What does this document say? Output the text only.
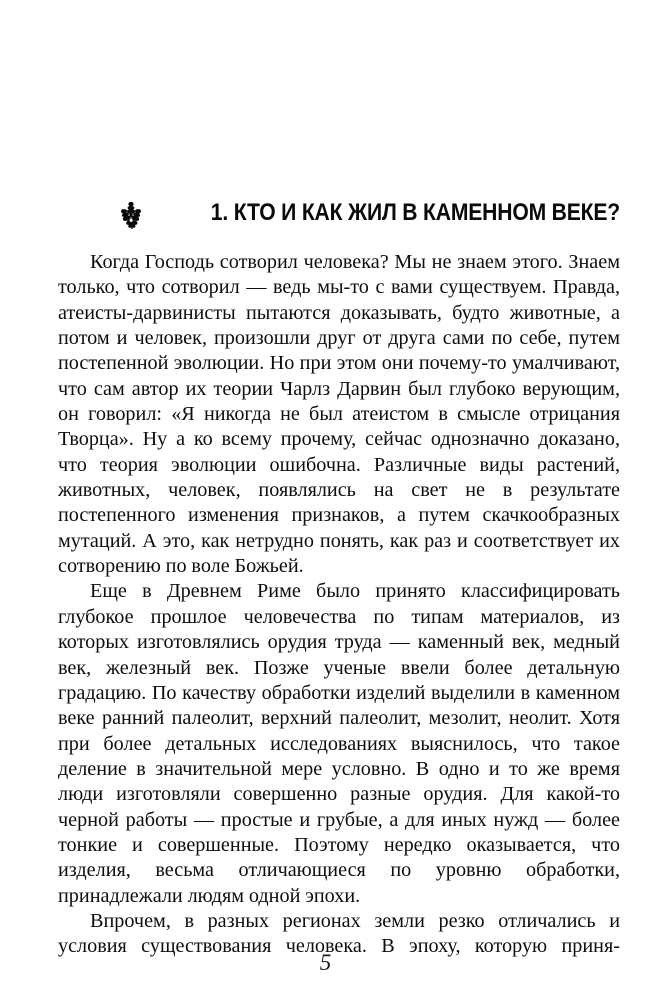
1. КТО И КАК ЖИЛ В КАМЕННОМ ВЕКЕ?

Когда Господь сотворил человека? Мы не знаем этого. Знаем только, что сотворил — ведь мы-то с вами существуем. Правда, атеисты-дарвинисты пытаются доказывать, будто животные, а потом и человек, произошли друг от друга сами по себе, путем постепенной эволюции. Но при этом они почему-то умалчивают, что сам автор их теории Чарлз Дарвин был глубоко верующим, он говорил: «Я никогда не был атеистом в смысле отрицания Творца». Ну а ко всему прочему, сейчас однозначно доказано, что теория эволюции ошибочна. Различные виды растений, животных, человек, появлялись на свет не в результате постепенного изменения признаков, а путем скачкообразных мутаций. А это, как нетрудно понять, как раз и соответствует их сотворению по воле Божьей.

Еще в Древнем Риме было принято классифицировать глубокое прошлое человечества по типам материалов, из которых изготовлялись орудия труда — каменный век, медный век, железный век. Позже ученые ввели более детальную градацию. По качеству обработки изделий выделили в каменном веке ранний палеолит, верхний палеолит, мезолит, неолит. Хотя при более детальных исследованиях выяснилось, что такое деление в значительной мере условно. В одно и то же время люди изготовляли совершенно разные орудия. Для какой-то черной работы — простые и грубые, а для иных нужд — более тонкие и совершенные. Поэтому нередко оказывается, что изделия, весьма отличающиеся по уровню обработки, принадлежали людям одной эпохи.

Впрочем, в разных регионах земли резко отличались и условия существования человека. В эпоху, которую приня-

5
